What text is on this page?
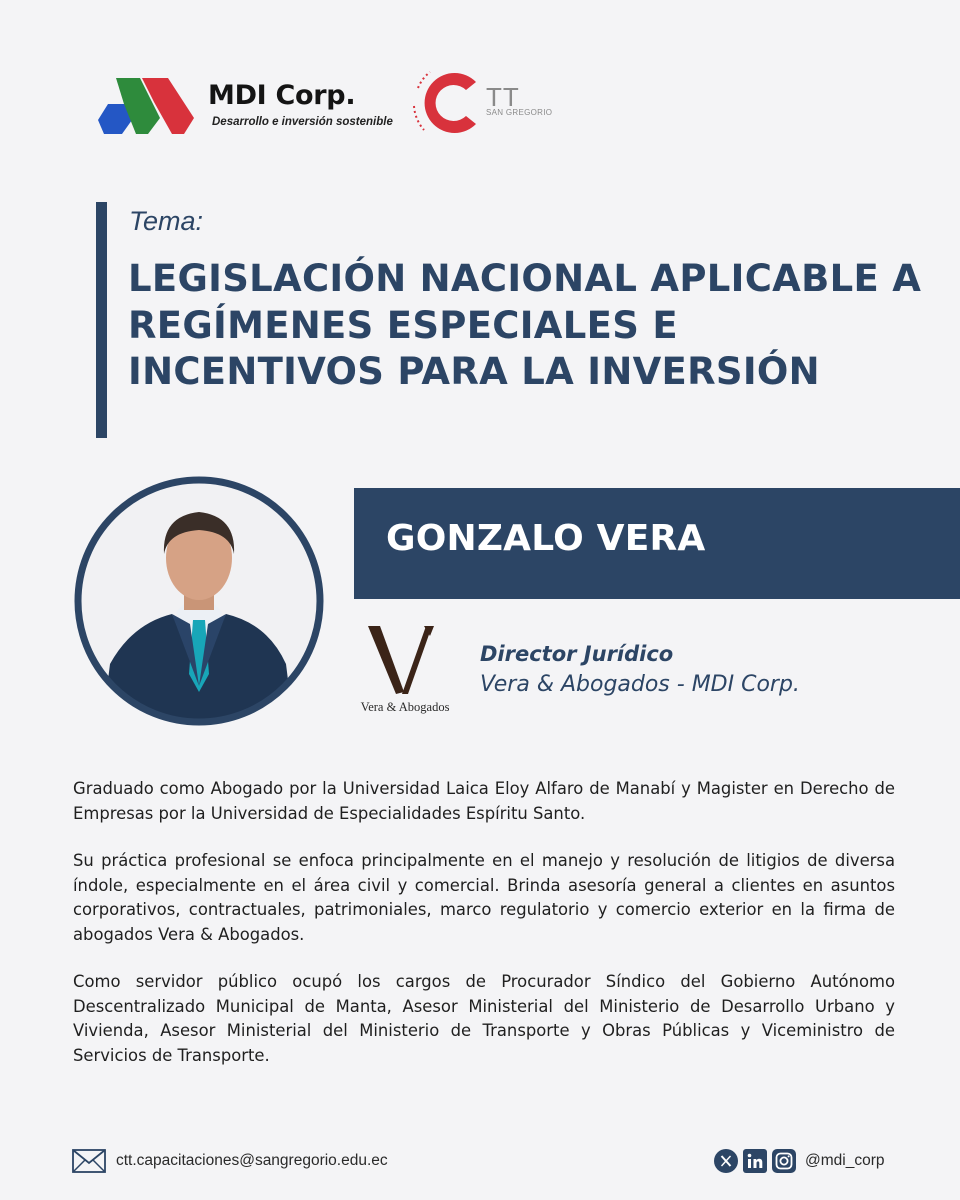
MDI Corp.
Desarrollo e inversión sostenible
TT
SAN GREGORIO
Tema:
LEGISLACIÓN NACIONAL APLICABLE A REGÍMENES ESPECIALES E INCENTIVOS PARA LA INVERSIÓN
GONZALO VERA
Vera & Abogados
Director Jurídico
Vera & Abogados - MDI Corp.

Graduado como Abogado por la Universidad Laica Eloy Alfaro de Manabí y Magister en Derecho de Empresas por la Universidad de Especialidades Espíritu Santo.

Su práctica profesional se enfoca principalmente en el manejo y resolución de litigios de diversa índole, especialmente en el área civil y comercial. Brinda asesoría general a clientes en asuntos corporativos, contractuales, patrimoniales, marco regulatorio y comercio exterior en la firma de abogados Vera & Abogados.

Como servidor público ocupó los cargos de Procurador Síndico del Gobierno Autónomo Descentralizado Municipal de Manta, Asesor Ministerial del Ministerio de Desarrollo Urbano y Vivienda, Asesor Ministerial del Ministerio de Transporte y Obras Públicas y Viceministro de Servicios de Transporte.

ctt.capacitaciones@sangregorio.edu.ec	@mdi_corp
